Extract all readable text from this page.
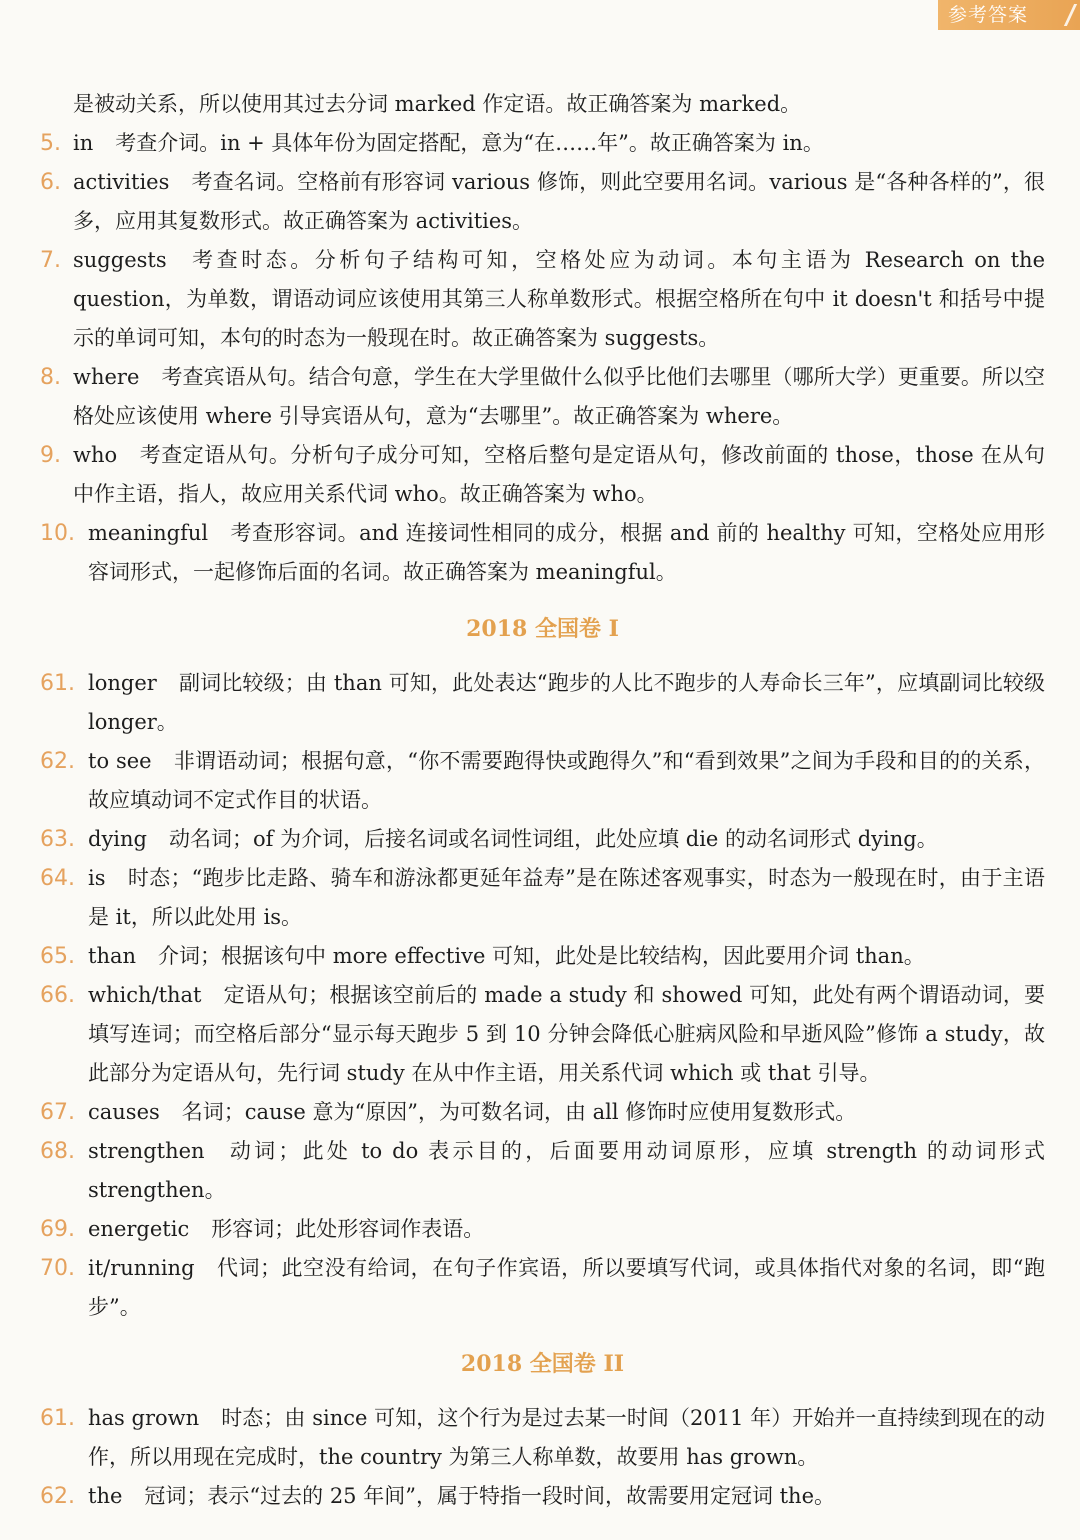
参考答案
是被动关系，所以使用其过去分词 marked 作定语。故正确答案为 marked。
5. in 考查介词。in + 具体年份为固定搭配，意为“在……年”。故正确答案为 in。
6. activities 考查名词。空格前有形容词 various 修饰，则此空要用名词。various 是“各种各样的”，很多，应用其复数形式。故正确答案为 activities。
7. suggests 考查时态。分析句子结构可知，空格处应为动词。本句主语为 Research on the question，为单数，谓语动词应该使用其第三人称单数形式。根据空格所在句中 it doesn't 和括号中提示的单词可知，本句的时态为一般现在时。故正确答案为 suggests。
8. where 考查宾语从句。结合句意，学生在大学里做什么似乎比他们去哪里（哪所大学）更重要。所以空格处应该使用 where 引导宾语从句，意为“去哪里”。故正确答案为 where。
9. who 考查定语从句。分析句子成分可知，空格后整句是定语从句，修改前面的 those，those 在从句中作主语，指人，故应用关系代词 who。故正确答案为 who。
10. meaningful 考查形容词。and 连接词性相同的成分，根据 and 前的 healthy 可知，空格处应用形容词形式，一起修饰后面的名词。故正确答案为 meaningful。
2018 全国卷 I
61. longer 副词比较级；由 than 可知，此处表达“跑步的人比不跑步的人寿命长三年”，应填副词比较级 longer。
62. to see 非谓语动词；根据句意，“你不需要跑得快或跑得久”和“看到效果”之间为手段和目的的关系，故应填动词不定式作目的状语。
63. dying 动名词；of 为介词，后接名词或名词性词组，此处应填 die 的动名词形式 dying。
64. is 时态；“跑步比走路、骑车和游泳都更延年益寿”是在陈述客观事实，时态为一般现在时，由于主语是 it，所以此处用 is。
65. than 介词；根据该句中 more effective 可知，此处是比较结构，因此要用介词 than。
66. which/that 定语从句；根据该空前后的 made a study 和 showed 可知，此处有两个谓语动词，要填写连词；而空格后部分“显示每天跑步 5 到 10 分钟会降低心脏病风险和早逝风险”修饰 a study，故此部分为定语从句，先行词 study 在从中作主语，用关系代词 which 或 that 引导。
67. causes 名词；cause 意为“原因”，为可数名词，由 all 修饰时应使用复数形式。
68. strengthen 动词；此处 to do 表示目的，后面要用动词原形，应填 strength 的动词形式 strengthen。
69. energetic 形容词；此处形容词作表语。
70. it/running 代词；此空没有给词，在句子作宾语，所以要填写代词，或具体指代对象的名词，即“跑步”。
2018 全国卷 II
61. has grown 时态；由 since 可知，这个行为是过去某一时间（2011 年）开始并一直持续到现在的动作，所以用现在完成时，the country 为第三人称单数，故要用 has grown。
62. the 冠词；表示“过去的 25 年间”，属于特指一段时间，故需要用定冠词 the。
